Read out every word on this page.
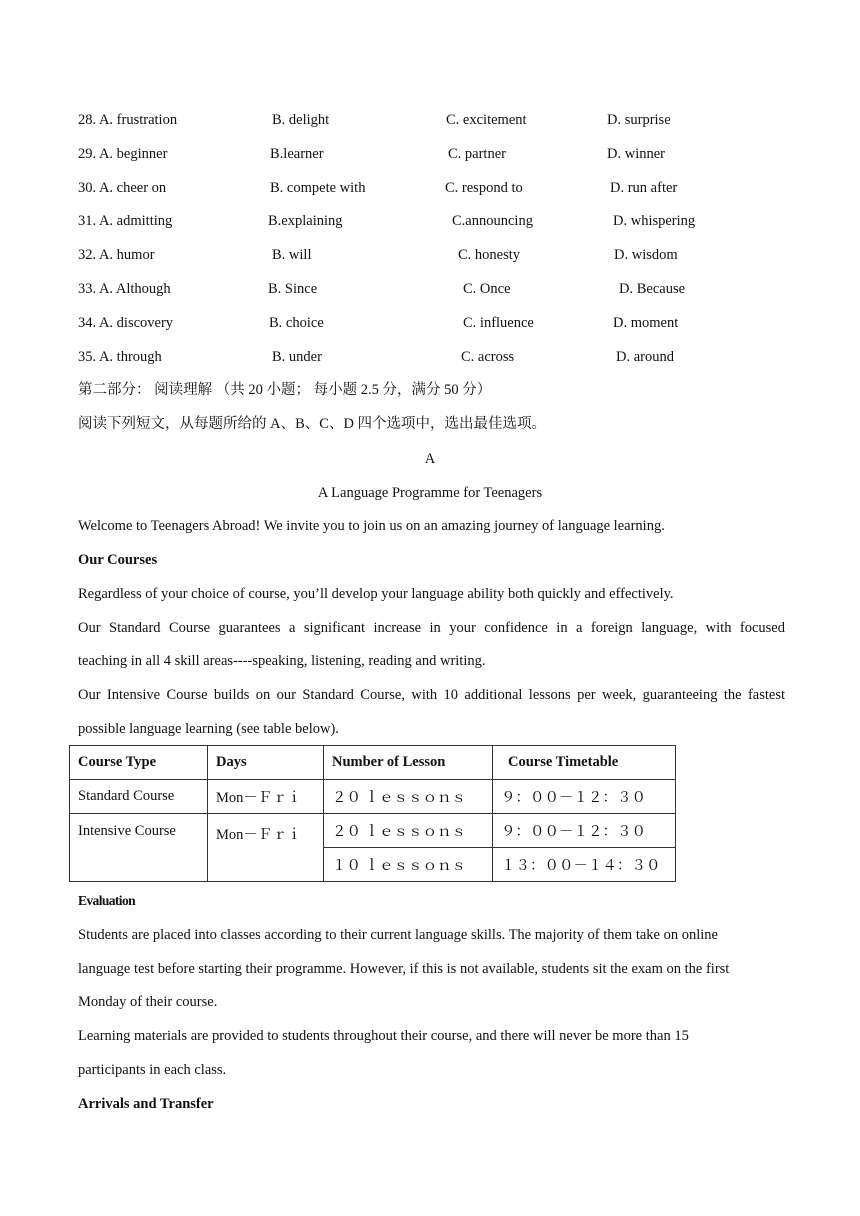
28. A. frustration	B. delight	C. excitement	D. surprise
29. A. beginner	B.learner	C. partner	D. winner
30. A. cheer on	B. compete with	C. respond to	D. run after
31. A. admitting	B.explaining	C.announcing	D. whispering
32. A. humor	B. will	C. honesty	D. wisdom
33. A. Although	B. Since	C. Once	D. Because
34. A. discovery	B. choice	C. influence	D. moment
35. A. through	B. under	C. across	D. around
第二部分： 阅读理解 （共 20 小题； 每小题 2.5 分，满分 50 分）
阅读下列短文，从每题所给的 A、B、C、D 四个选项中，选出最佳选项。
A
A Language Programme for Teenagers
Welcome to Teenagers Abroad! We invite you to join us on an amazing journey of language learning.
Our Courses
Regardless of your choice of course, you’ll develop your language ability both quickly and effectively.
Our Standard Course guarantees a significant increase in your confidence in a foreign language, with focused
teaching in all 4 skill areas----speaking, listening, reading and writing.
Our Intensive Course builds on our Standard Course, with 10 additional lessons per week, guaranteeing the fastest
possible language learning (see table below).
Course Type	Days	Number of Lesson	Course Timetable
Standard Course	Mon－Ｆｒｉ	２０ ｌｅｓｓｏｎｓ	９：００－１２：３０
Intensive Course	Mon－Ｆｒｉ	２０ ｌｅｓｓｏｎｓ	９：００－１２：３０
		１０ ｌｅｓｓｏｎｓ	１３：００－１４：３０
Evaluation
Students are placed into classes according to their current language skills. The majority of them take on online
language test before starting their programme. However, if this is not available, students sit the exam on the first
Monday of their course.
Learning materials are provided to students throughout their course, and there will never be more than 15
participants in each class.
Arrivals and Transfer
